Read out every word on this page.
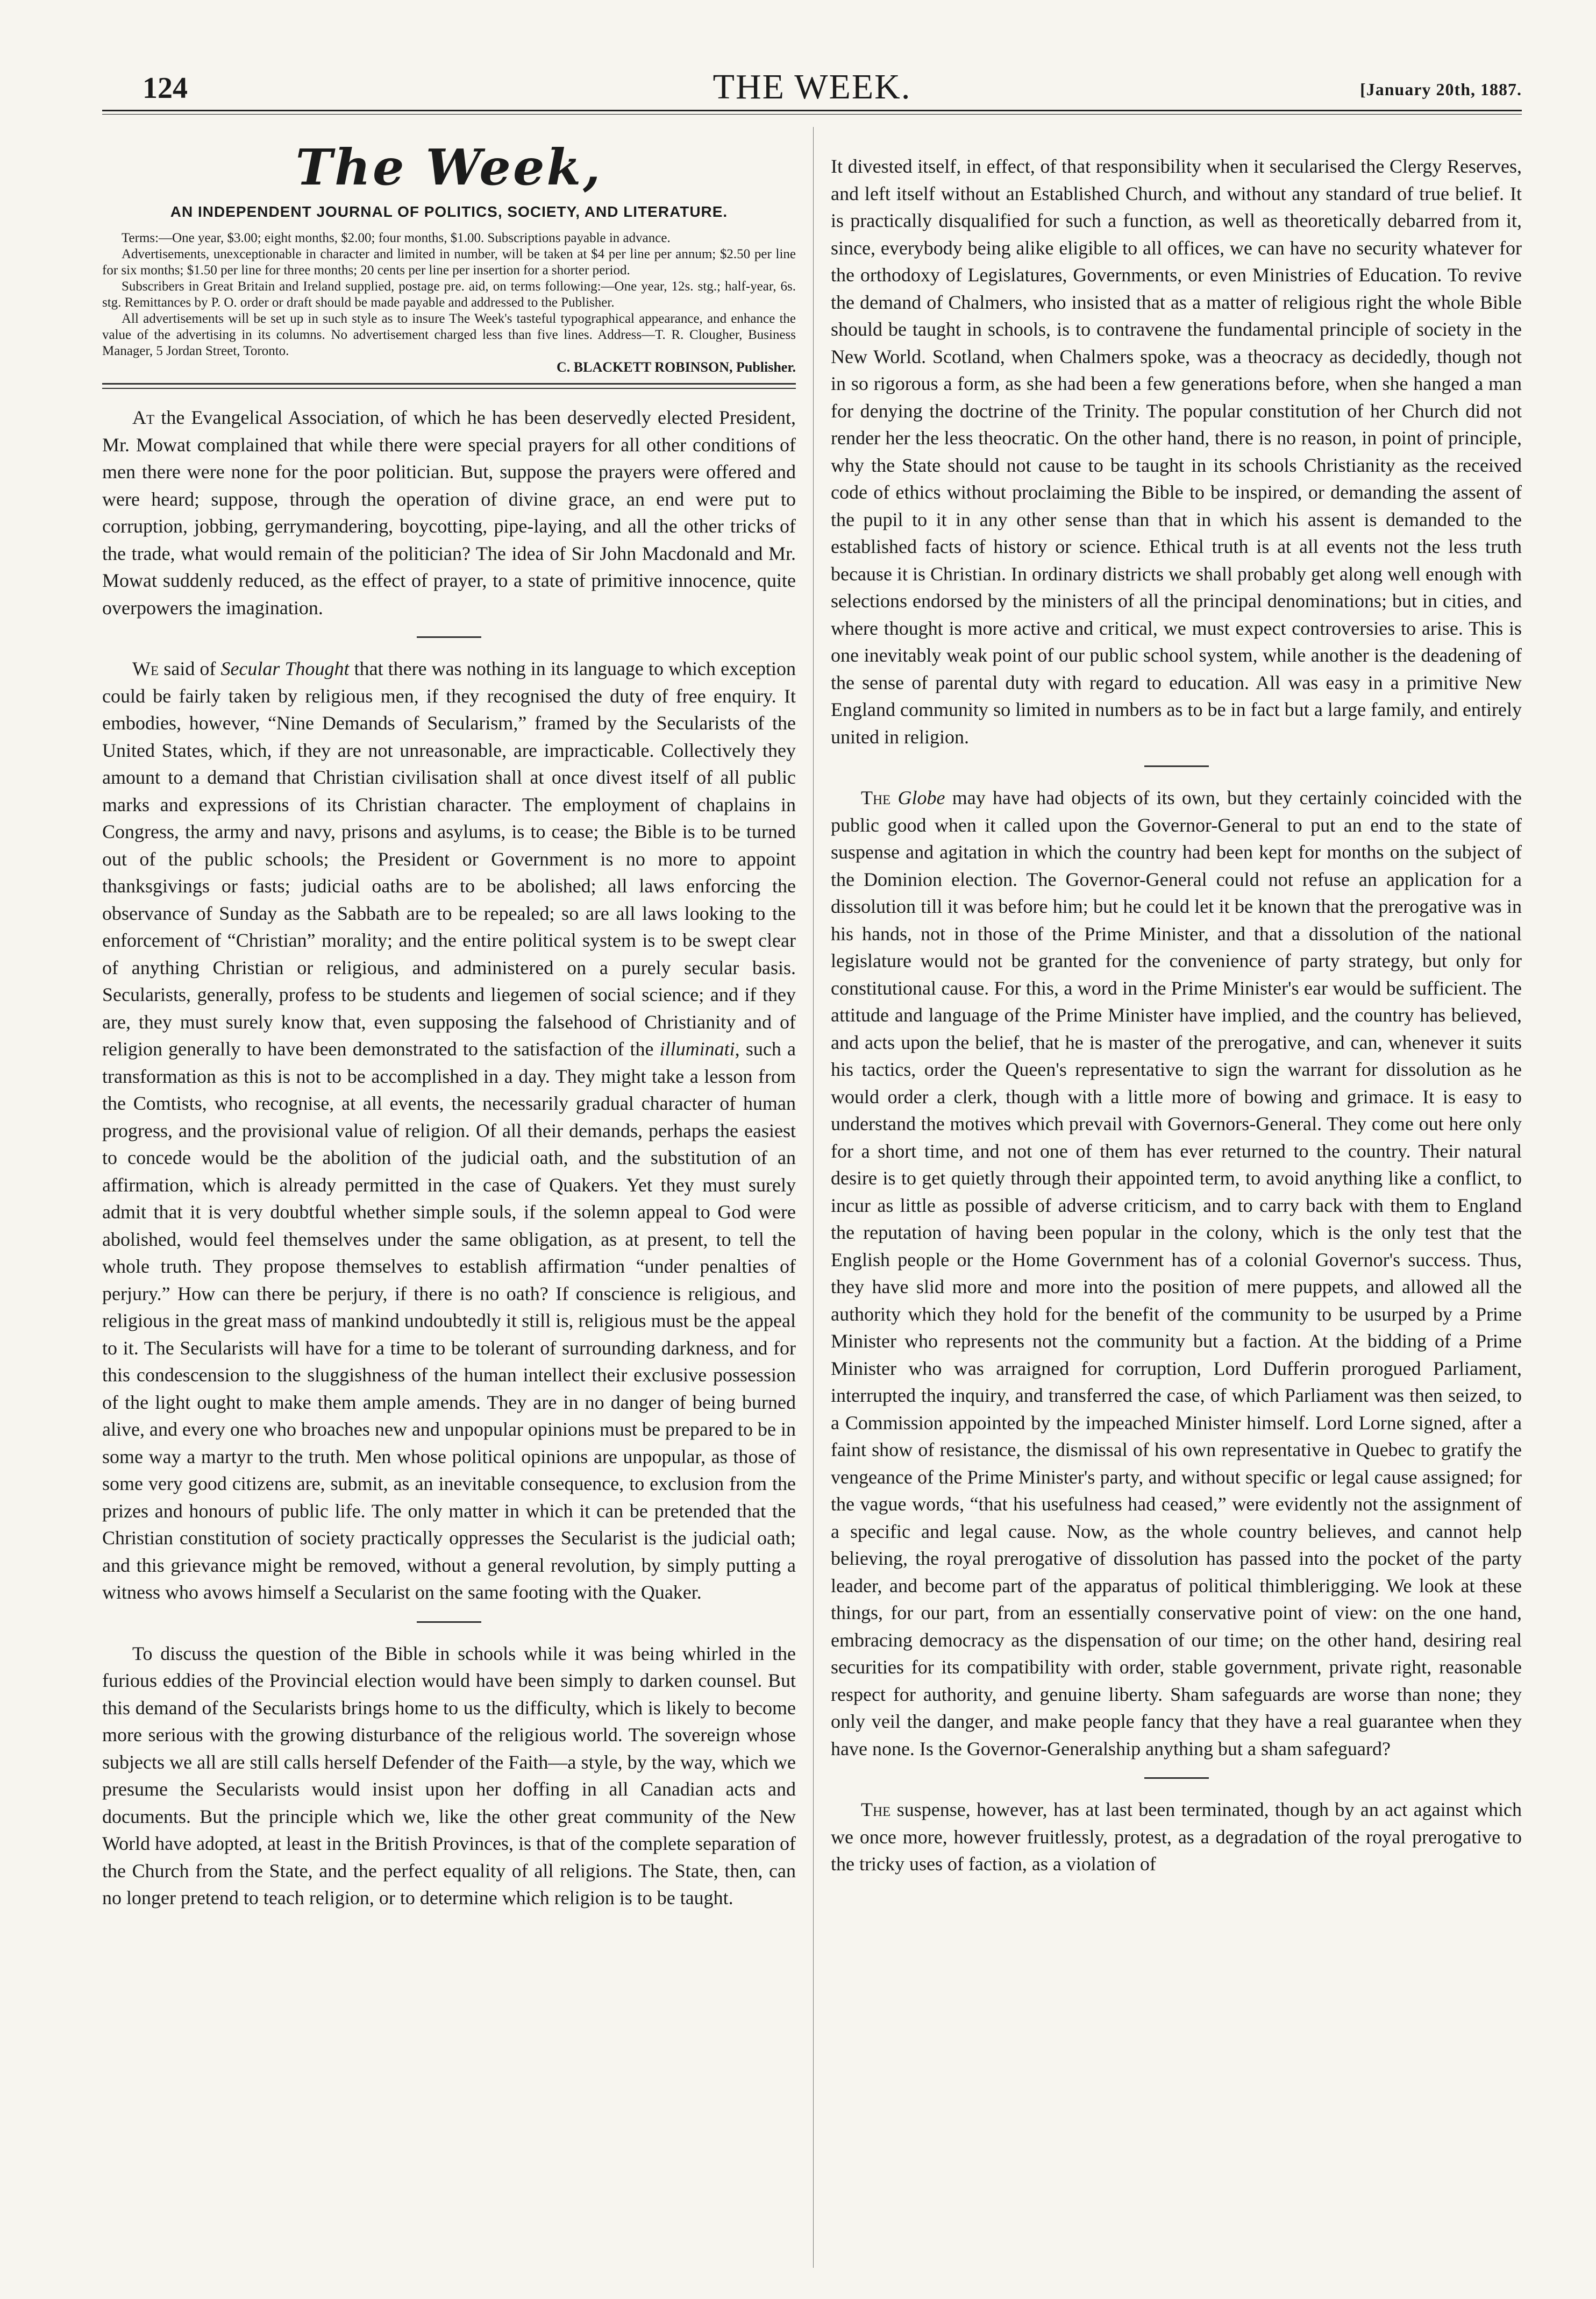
124	THE WEEK.	[January 20th, 1887.
The Week,
AN INDEPENDENT JOURNAL OF POLITICS, SOCIETY, AND LITERATURE.

Terms:—One year, $3.00; eight months, $2.00; four months, $1.00. Subscriptions payable in advance.

Advertisements, unexceptionable in character and limited in number, will be taken at $4 per line per annum; $2.50 per line for six months; $1.50 per line for three months; 20 cents per line per insertion for a shorter period.

Subscribers in Great Britain and Ireland supplied, postage pre. aid, on terms following:—One year, 12s. stg.; half-year, 6s. stg. Remittances by P. O. order or draft should be made payable and addressed to the Publisher.

All advertisements will be set up in such style as to insure The Week's tasteful typographical appearance, and enhance the value of the advertising in its columns. No advertisement charged less than five lines. Address—T. R. Clougher, Business Manager, 5 Jordan Street, Toronto.

C. BLACKETT ROBINSON, Publisher.

At the Evangelical Association, of which he has been deservedly elected President, Mr. Mowat complained that while there were special prayers for all other conditions of men there were none for the poor politician. But, suppose the prayers were offered and were heard; suppose, through the operation of divine grace, an end were put to corruption, jobbing, gerrymandering, boycotting, pipe-laying, and all the other tricks of the trade, what would remain of the politician? The idea of Sir John Macdonald and Mr. Mowat suddenly reduced, as the effect of prayer, to a state of primitive innocence, quite overpowers the imagination.

We said of Secular Thought that there was nothing in its language to which exception could be fairly taken by religious men, if they recognised the duty of free enquiry. It embodies, however, “Nine Demands of Secularism,” framed by the Secularists of the United States, which, if they are not unreasonable, are impracticable. Collectively they amount to a demand that Christian civilisation shall at once divest itself of all public marks and expressions of its Christian character. The employment of chaplains in Congress, the army and navy, prisons and asylums, is to cease; the Bible is to be turned out of the public schools; the President or Government is no more to appoint thanksgivings or fasts; judicial oaths are to be abolished; all laws enforcing the observance of Sunday as the Sabbath are to be repealed; so are all laws looking to the enforcement of “Christian” morality; and the entire political system is to be swept clear of anything Christian or religious, and administered on a purely secular basis. Secularists, generally, profess to be students and liegemen of social science; and if they are, they must surely know that, even supposing the falsehood of Christianity and of religion generally to have been demonstrated to the satisfaction of the illuminati, such a transformation as this is not to be accomplished in a day. They might take a lesson from the Comtists, who recognise, at all events, the necessarily gradual character of human progress, and the provisional value of religion. Of all their demands, perhaps the easiest to concede would be the abolition of the judicial oath, and the substitution of an affirmation, which is already permitted in the case of Quakers. Yet they must surely admit that it is very doubtful whether simple souls, if the solemn appeal to God were abolished, would feel themselves under the same obligation, as at present, to tell the whole truth. They propose themselves to establish affirmation “under penalties of perjury.” How can there be perjury, if there is no oath? If conscience is religious, and religious in the great mass of mankind undoubtedly it still is, religious must be the appeal to it. The Secularists will have for a time to be tolerant of surrounding darkness, and for this condescension to the sluggishness of the human intellect their exclusive possession of the light ought to make them ample amends. They are in no danger of being burned alive, and every one who broaches new and unpopular opinions must be prepared to be in some way a martyr to the truth. Men whose political opinions are unpopular, as those of some very good citizens are, submit, as an inevitable consequence, to exclusion from the prizes and honours of public life. The only matter in which it can be pretended that the Christian constitution of society practically oppresses the Secularist is the judicial oath; and this grievance might be removed, without a general revolution, by simply putting a witness who avows himself a Secularist on the same footing with the Quaker.

To discuss the question of the Bible in schools while it was being whirled in the furious eddies of the Provincial election would have been simply to darken counsel. But this demand of the Secularists brings home to us the difficulty, which is likely to become more serious with the growing disturbance of the religious world. The sovereign whose subjects we all are still calls herself Defender of the Faith—a style, by the way, which we presume the Secularists would insist upon her doffing in all Canadian acts and documents. But the principle which we, like the other great community of the New World have adopted, at least in the British Provinces, is that of the complete separation of the Church from the State, and the perfect equality of all religions. The State, then, can no longer pretend to teach religion, or to determine which religion is to be taught.

It divested itself, in effect, of that responsibility when it secularised the Clergy Reserves, and left itself without an Established Church, and without any standard of true belief. It is practically disqualified for such a function, as well as theoretically debarred from it, since, everybody being alike eligible to all offices, we can have no security whatever for the orthodoxy of Legislatures, Governments, or even Ministries of Education. To revive the demand of Chalmers, who insisted that as a matter of religious right the whole Bible should be taught in schools, is to contravene the fundamental principle of society in the New World. Scotland, when Chalmers spoke, was a theocracy as decidedly, though not in so rigorous a form, as she had been a few generations before, when she hanged a man for denying the doctrine of the Trinity. The popular constitution of her Church did not render her the less theocratic. On the other hand, there is no reason, in point of principle, why the State should not cause to be taught in its schools Christianity as the received code of ethics without proclaiming the Bible to be inspired, or demanding the assent of the pupil to it in any other sense than that in which his assent is demanded to the established facts of history or science. Ethical truth is at all events not the less truth because it is Christian. In ordinary districts we shall probably get along well enough with selections endorsed by the ministers of all the principal denominations; but in cities, and where thought is more active and critical, we must expect controversies to arise. This is one inevitably weak point of our public school system, while another is the deadening of the sense of parental duty with regard to education. All was easy in a primitive New England community so limited in numbers as to be in fact but a large family, and entirely united in religion.

The Globe may have had objects of its own, but they certainly coincided with the public good when it called upon the Governor-General to put an end to the state of suspense and agitation in which the country had been kept for months on the subject of the Dominion election. The Governor-General could not refuse an application for a dissolution till it was before him; but he could let it be known that the prerogative was in his hands, not in those of the Prime Minister, and that a dissolution of the national legislature would not be granted for the convenience of party strategy, but only for constitutional cause. For this, a word in the Prime Minister's ear would be sufficient. The attitude and language of the Prime Minister have implied, and the country has believed, and acts upon the belief, that he is master of the prerogative, and can, whenever it suits his tactics, order the Queen's representative to sign the warrant for dissolution as he would order a clerk, though with a little more of bowing and grimace. It is easy to understand the motives which prevail with Governors-General. They come out here only for a short time, and not one of them has ever returned to the country. Their natural desire is to get quietly through their appointed term, to avoid anything like a conflict, to incur as little as possible of adverse criticism, and to carry back with them to England the reputation of having been popular in the colony, which is the only test that the English people or the Home Government has of a colonial Governor's success. Thus, they have slid more and more into the position of mere puppets, and allowed all the authority which they hold for the benefit of the community to be usurped by a Prime Minister who represents not the community but a faction. At the bidding of a Prime Minister who was arraigned for corruption, Lord Dufferin prorogued Parliament, interrupted the inquiry, and transferred the case, of which Parliament was then seized, to a Commission appointed by the impeached Minister himself. Lord Lorne signed, after a faint show of resistance, the dismissal of his own representative in Quebec to gratify the vengeance of the Prime Minister's party, and without specific or legal cause assigned; for the vague words, “that his usefulness had ceased,” were evidently not the assignment of a specific and legal cause. Now, as the whole country believes, and cannot help believing, the royal prerogative of dissolution has passed into the pocket of the party leader, and become part of the apparatus of political thimblerigging. We look at these things, for our part, from an essentially conservative point of view: on the one hand, embracing democracy as the dispensation of our time; on the other hand, desiring real securities for its compatibility with order, stable government, private right, reasonable respect for authority, and genuine liberty. Sham safeguards are worse than none; they only veil the danger, and make people fancy that they have a real guarantee when they have none. Is the Governor-Generalship anything but a sham safeguard?

The suspense, however, has at last been terminated, though by an act against which we once more, however fruitlessly, protest, as a degradation of the royal prerogative to the tricky uses of faction, as a violation of
